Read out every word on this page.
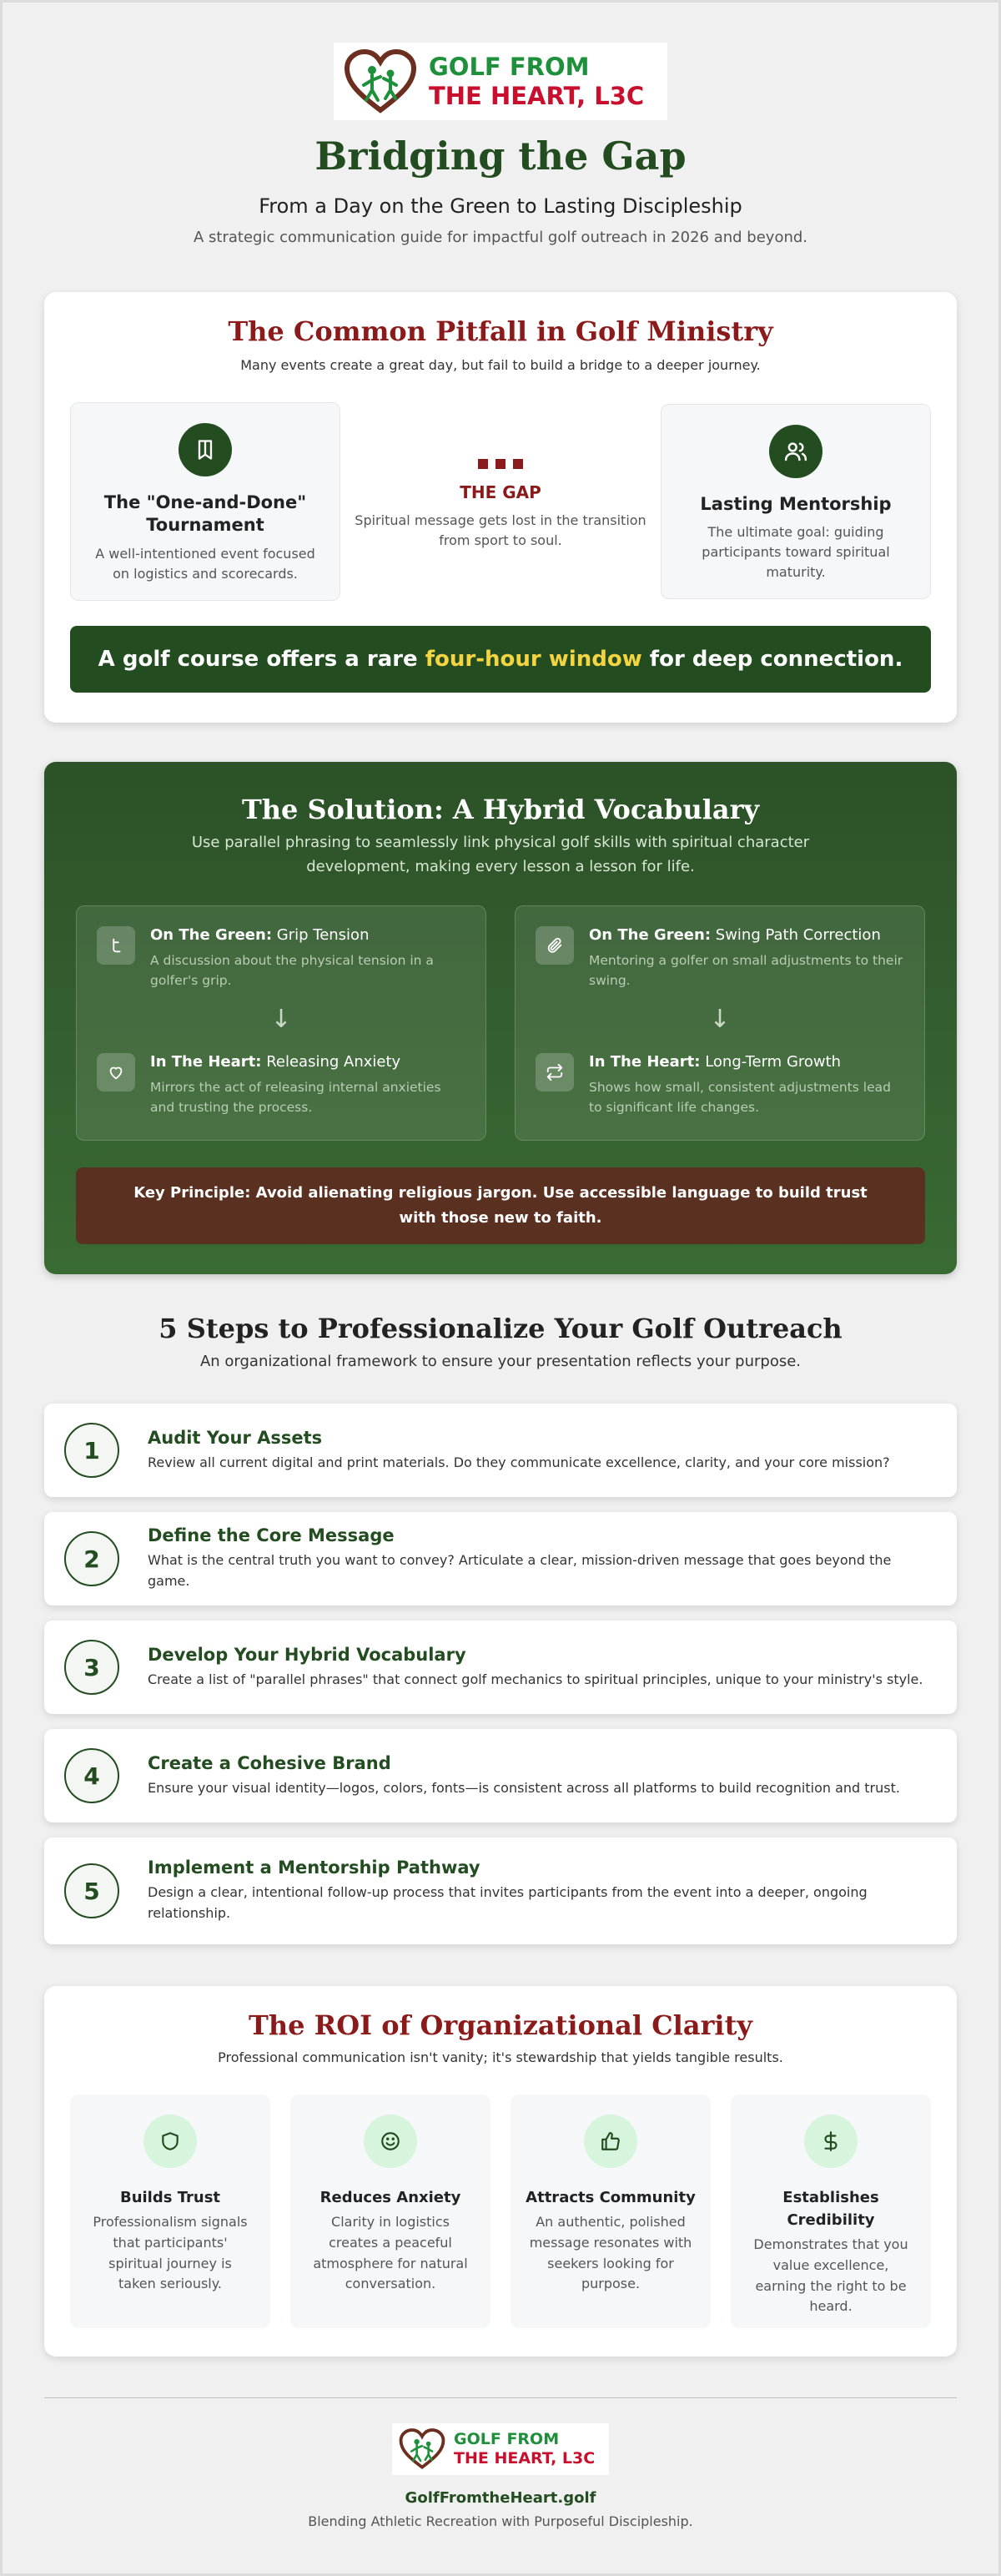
GOLF FROM
THE HEART, L3C
Bridging the Gap
From a Day on the Green to Lasting Discipleship
A strategic communication guide for impactful golf outreach in 2026 and beyond.
The Common Pitfall in Golf Ministry
Many events create a great day, but fail to build a bridge to a deeper journey.
The "One-and-Done" Tournament

A well-intentioned event focused on logistics and scorecards.

THE GAP

Spiritual message gets lost in the transition from sport to soul.

Lasting Mentorship

The ultimate goal: guiding participants toward spiritual maturity.

A golf course offers a rare four-hour window for deep connection.
The Solution: A Hybrid Vocabulary
Use parallel phrasing to seamlessly link physical golf skills with spiritual character development, making every lesson a lesson for life.
On The Green: Grip Tension

A discussion about the physical tension in a golfer's grip.

↓
In The Heart: Releasing Anxiety

Mirrors the act of releasing internal anxieties and trusting the process.

On The Green: Swing Path Correction

Mentoring a golfer on small adjustments to their swing.

↓
In The Heart: Long-Term Growth

Shows how small, consistent adjustments lead to significant life changes.

Key Principle: Avoid alienating religious jargon. Use accessible language to build trust with those new to faith.
5 Steps to Professionalize Your Golf Outreach
An organizational framework to ensure your presentation reflects your purpose.
1	Audit Your Assets

Review all current digital and print materials. Do they communicate excellence, clarity, and your core mission?

2
Define the Core Message

What is the central truth you want to convey? Articulate a clear, mission-driven message that goes beyond the game.

3	Develop Your Hybrid Vocabulary

Create a list of "parallel phrases" that connect golf mechanics to spiritual principles, unique to your ministry's style.

4	Create a Cohesive Brand

Ensure your visual identity—logos, colors, fonts—is consistent across all platforms to build recognition and trust.

5
Implement a Mentorship Pathway

Design a clear, intentional follow-up process that invites participants from the event into a deeper, ongoing relationship.

The ROI of Organizational Clarity
Professional communication isn't vanity; it's stewardship that yields tangible results.
Builds Trust

Professionalism signals that participants' spiritual journey is taken seriously.

Reduces Anxiety

Clarity in logistics creates a peaceful atmosphere for natural conversation.

Attracts Community

An authentic, polished message resonates with seekers looking for purpose.

Establishes Credibility

Demonstrates that you value excellence, earning the right to be heard.

GOLF FROM
THE HEART, L3C
GolfFromtheHeart.golf
Blending Athletic Recreation with Purposeful Discipleship.
